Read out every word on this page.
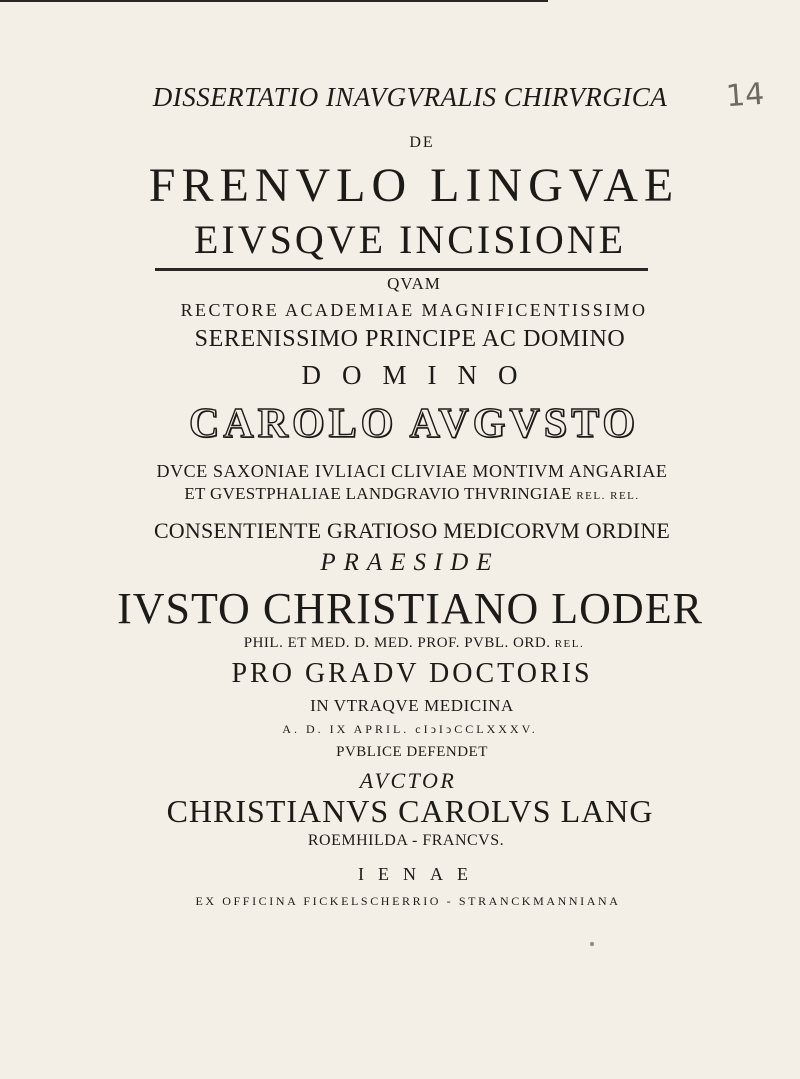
14
DISSERTATIO INAVGVRALIS CHIRVRGICA
DE
FRENVLO LINGVAE
EIVSQVE INCISIONE
QVAM
RECTORE ACADEMIAE MAGNIFICENTISSIMO
SERENISSIMO PRINCIPE AC DOMINO
DOMINO
CAROLO AVGVSTO
DVCE SAXONIAE IVLIACI CLIVIAE MONTIVM ANGARIAE
ET GVESTPHALIAE LANDGRAVIO THVRINGIAE REL. REL.
CONSENTIENTE GRATIOSO MEDICORVM ORDINE
PRAESIDE
IVSTO CHRISTIANO LODER
PHIL. ET MED. D. MED. PROF. PVBL. ORD. REL.
PRO GRADV DOCTORIS
IN VTRAQVE MEDICINA
A. D. IX APRIL. cIↄIↄCCLXXXV.
PVBLICE DEFENDET
AVCTOR
CHRISTIANVS CAROLVS LANG
ROEMHILDA - FRANCVS.
IENAE
EX OFFICINA FICKELSCHERRIO - STRANCKMANNIANA
